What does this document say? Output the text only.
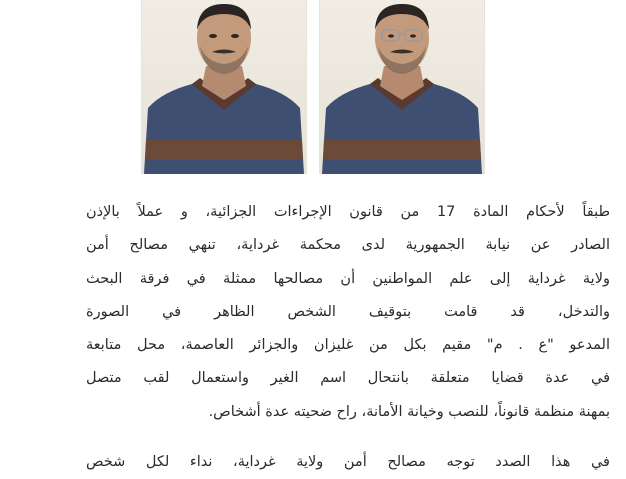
طبقاً لأحكام المادة 17 من قانون الإجراءات الجزائية، و عملاً بالإذن
الصادر عن نيابة الجمهورية لدى محكمة غرداية، تنهي مصالح أمن
ولاية غرداية إلى علم المواطنين أن مصالحها ممثلة في فرقة البحث
والتدخل، قد قامت بتوقيف الشخص الظاهر في الصورة
المدعو "ع . م" مقيم بكل من غليزان والجزائر العاصمة، محل متابعة
في عدة قضايا متعلقة بانتحال اسم الغير واستعمال لقب متصل
بمهنة منظمة قانوناً، للنصب وخيانة الأمانة، راح ضحيته عدة أشخاص.
في هذا الصدد توجه مصالح أمن ولاية غرداية، نداء لكل شخص
